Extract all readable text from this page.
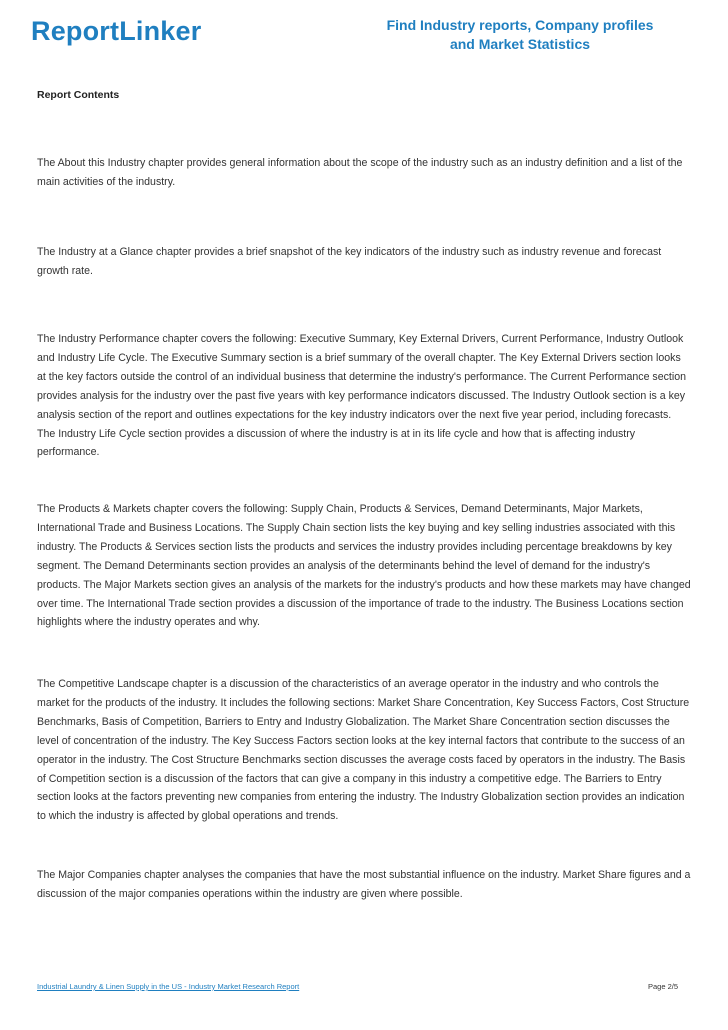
ReportLinker	Find Industry reports, Company profiles
and Market Statistics
Report Contents

The About this Industry chapter provides general information about the scope of the industry such as an industry definition and a list of the main activities of the industry.

The Industry at a Glance chapter provides a brief snapshot of the key indicators of the industry such as industry revenue and forecast growth rate.

The Industry Performance chapter covers the following: Executive Summary, Key External Drivers, Current Performance, Industry Outlook and Industry Life Cycle. The Executive Summary section is a brief summary of the overall chapter. The Key External Drivers section looks at the key factors outside the control of an individual business that determine the industry's performance. The Current Performance section provides analysis for the industry over the past five years with key performance indicators discussed. The Industry Outlook section is a key analysis section of the report and outlines expectations for the key industry indicators over the next five year period, including forecasts. The Industry Life Cycle section provides a discussion of where the industry is at in its life cycle and how that is affecting industry performance.

The Products & Markets chapter covers the following: Supply Chain, Products & Services, Demand Determinants, Major Markets, International Trade and Business Locations. The Supply Chain section lists the key buying and key selling industries associated with this industry. The Products & Services section lists the products and services the industry provides including percentage breakdowns by key segment. The Demand Determinants section provides an analysis of the determinants behind the level of demand for the industry's products. The Major Markets section gives an analysis of the markets for the industry's products and how these markets may have changed over time. The International Trade section provides a discussion of the importance of trade to the industry. The Business Locations section highlights where the industry operates and why.

The Competitive Landscape chapter is a discussion of the characteristics of an average operator in the industry and who controls the market for the products of the industry. It includes the following sections: Market Share Concentration, Key Success Factors, Cost Structure Benchmarks, Basis of Competition, Barriers to Entry and Industry Globalization. The Market Share Concentration section discusses the level of concentration of the industry. The Key Success Factors section looks at the key internal factors that contribute to the success of an operator in the industry. The Cost Structure Benchmarks section discusses the average costs faced by operators in the industry. The Basis of Competition section is a discussion of the factors that can give a company in this industry a competitive edge. The Barriers to Entry section looks at the factors preventing new companies from entering the industry. The Industry Globalization section provides an indication to which the industry is affected by global operations and trends.

The Major Companies chapter analyses the companies that have the most substantial influence on the industry. Market Share figures and a discussion of the major companies operations within the industry are given where possible.

Industrial Laundry & Linen Supply in the US - Industry Market Research Report	Page 2/5
